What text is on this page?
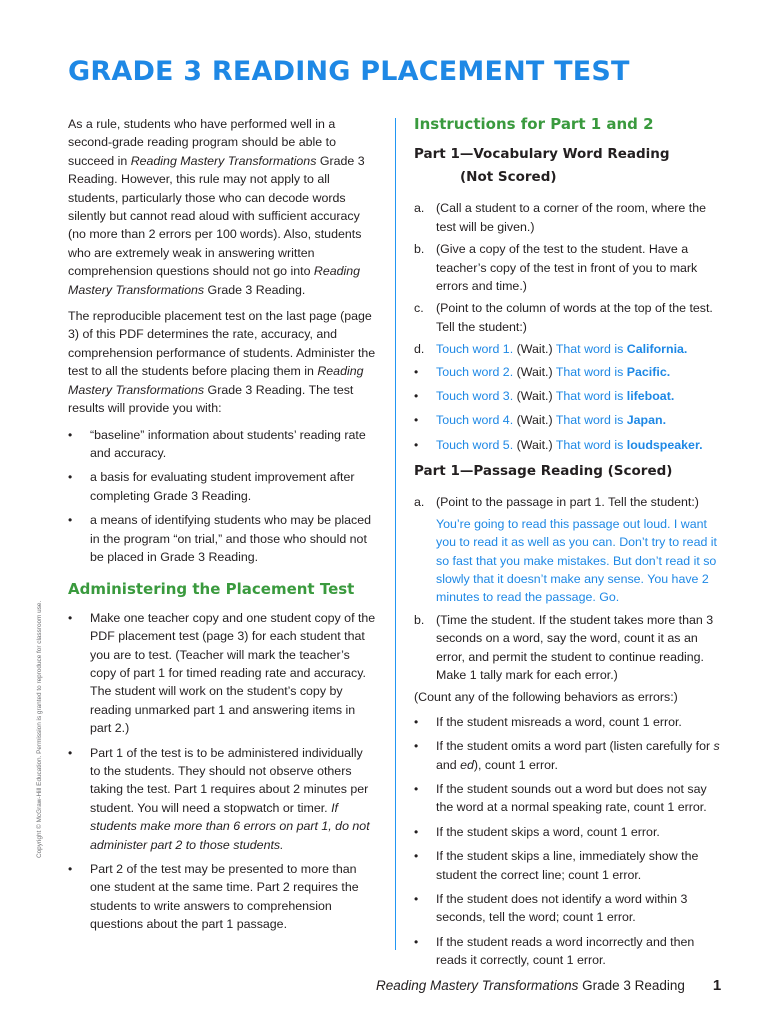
GRADE 3 READING PLACEMENT TEST

As a rule, students who have performed well in a second-grade reading program should be able to succeed in Reading Mastery Transformations Grade 3 Reading. However, this rule may not apply to all students, particularly those who can decode words silently but cannot read aloud with sufficient accuracy (no more than 2 errors per 100 words). Also, students who are extremely weak in answering written comprehension questions should not go into Reading Mastery Transformations Grade 3 Reading.

The reproducible placement test on the last page (page 3) of this PDF determines the rate, accuracy, and comprehension performance of students. Administer the test to all the students before placing them in Reading Mastery Transformations Grade 3 Reading. The test results will provide you with:

• “baseline” information about students’ reading rate and accuracy.
• a basis for evaluating student improvement after completing Grade 3 Reading.
• a means of identifying students who may be placed in the program “on trial,” and those who should not be placed in Grade 3 Reading.
Administering the Placement Test
• Make one teacher copy and one student copy of the PDF placement test (page 3) for each student that you are to test. (Teacher will mark the teacher’s copy of part 1 for timed reading rate and accuracy. The student will work on the student’s copy by reading unmarked part 1 and answering items in part 2.)
• Part 1 of the test is to be administered individually to the students. They should not observe others taking the test. Part 1 requires about 2 minutes per student. You will need a stopwatch or timer. If students make more than 6 errors on part 1, do not administer part 2 to those students.
• Part 2 of the test may be presented to more than one student at the same time. Part 2 requires the students to write answers to comprehension questions about the part 1 passage.
Instructions for Part 1 and 2
Part 1—Vocabulary Word Reading
(Not Scored)
a. (Call a student to a corner of the room, where the test will be given.)
b. (Give a copy of the test to the student. Have a teacher’s copy of the test in front of you to mark errors and time.)
c. (Point to the column of words at the top of the test. Tell the student:)
d. Touch word 1. (Wait.) That word is California.
• Touch word 2. (Wait.) That word is Pacific.
• Touch word 3. (Wait.) That word is lifeboat.
• Touch word 4. (Wait.) That word is Japan.
• Touch word 5. (Wait.) That word is loudspeaker.
Part 1—Passage Reading (Scored)
a. (Point to the passage in part 1. Tell the student:)
You’re going to read this passage out loud. I want you to read it as well as you can. Don’t try to read it so fast that you make mistakes. But don’t read it so slowly that it doesn’t make any sense. You have 2 minutes to read the passage. Go.
b. (Time the student. If the student takes more than 3 seconds on a word, say the word, count it as an error, and permit the student to continue reading. Make 1 tally mark for each error.)

(Count any of the following behaviors as errors:)

• If the student misreads a word, count 1 error.
• If the student omits a word part (listen carefully for s and ed), count 1 error.
• If the student sounds out a word but does not say the word at a normal speaking rate, count 1 error.
• If the student skips a word, count 1 error.
• If the student skips a line, immediately show the student the correct line; count 1 error.
• If the student does not identify a word within 3 seconds, tell the word; count 1 error.
• If the student reads a word incorrectly and then reads it correctly, count 1 error.
Copyright © McGraw-Hill Education. Permission is granted to reproduce for classroom use.
Reading Mastery Transformations Grade 3 Reading 1
